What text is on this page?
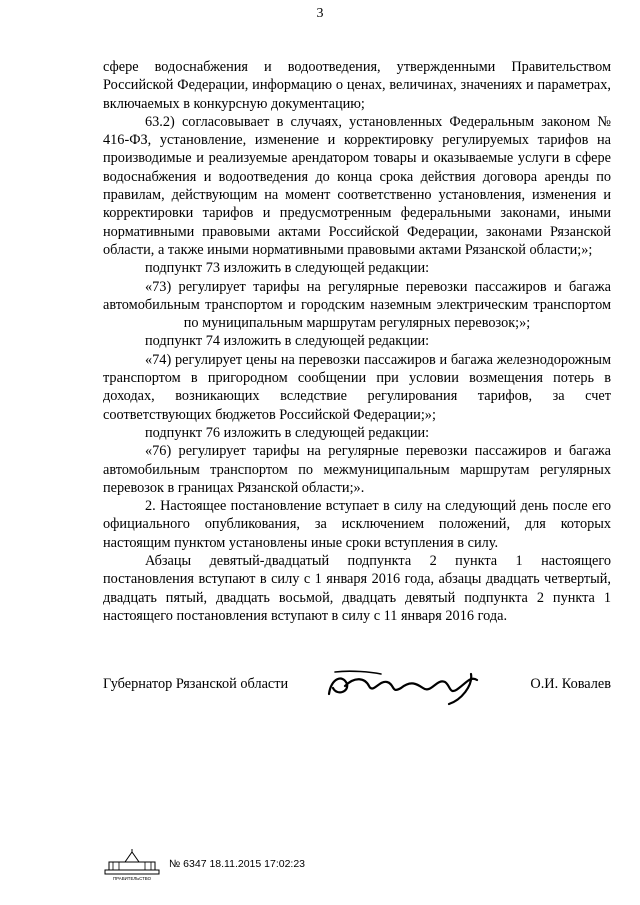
3

сфере водоснабжения и водоотведения, утвержденными Правительством Российской Федерации, информацию о ценах, величинах, значениях и параметрах, включаемых в конкурсную документацию;

63.2) согласовывает в случаях, установленных Федеральным законом № 416-ФЗ, установление, изменение и корректировку регулируемых тарифов на производимые и реализуемые арендатором товары и оказываемые услуги в сфере водоснабжения и водоотведения до конца срока действия договора аренды по правилам, действующим на момент соответственно установления, изменения и корректировки тарифов и предусмотренным федеральными законами, иными нормативными правовыми актами Российской Федерации, законами Рязанской области, а также иными нормативными правовыми актами Рязанской области;»;

подпункт 73 изложить в следующей редакции:

«73) регулирует тарифы на регулярные перевозки пассажиров и багажа автомобильным транспортом и городским наземным электрическим транспортом по муниципальным маршрутам регулярных перевозок;»;

подпункт 74 изложить в следующей редакции:

«74) регулирует цены на перевозки пассажиров и багажа железнодорожным транспортом в пригородном сообщении при условии возмещения потерь в доходах, возникающих вследствие регулирования тарифов, за счет соответствующих бюджетов Российской Федерации;»;

подпункт 76 изложить в следующей редакции:

«76) регулирует тарифы на регулярные перевозки пассажиров и багажа автомобильным транспортом по межмуниципальным маршрутам регулярных перевозок в границах Рязанской области;».

2. Настоящее постановление вступает в силу на следующий день после его официального опубликования, за исключением положений, для которых настоящим пунктом установлены иные сроки вступления в силу.

Абзацы девятый-двадцатый подпункта 2 пункта 1 настоящего постановления вступают в силу с 1 января 2016 года, абзацы двадцать четвертый, двадцать пятый, двадцать восьмой, двадцать девятый подпункта 2 пункта 1 настоящего постановления вступают в силу с 11 января 2016 года.

Губернатор Рязанской области	О.И. Ковалев
ПРАВИТЕЛЬСТВО
№ 6347 18.11.2015 17:02:23
